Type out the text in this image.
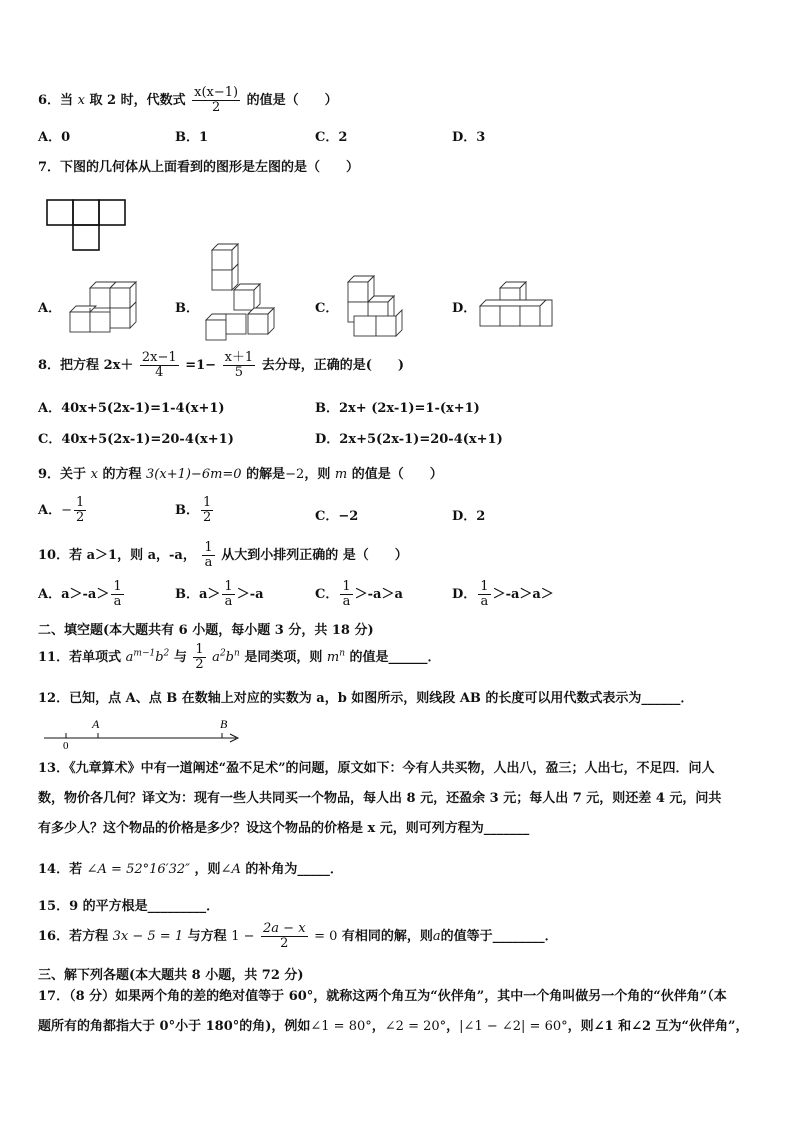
6．当 x 取 2 时，代数式 $\frac{x(x-1)}{2}$ 的值是（　　）
A．0	B．1	C．2	D．3
7．下图的几何体从上面看到的图形是左图的是（　　）
A．	B．	C．	D．
8．把方程 $2x+ \frac{2x-1}{4} =1- \frac{x+1}{5}$ 去分母，正确的是(　　)
A．40x+5(2x-1)=1-4(x+1)	B．2x+ (2x-1)=1-(x+1)
C．40x+5(2x-1)=20-4(x+1)	D．2x+5(2x-1)=20-4(x+1)
9．关于 x 的方程 3(x+1)−6m=0 的解是−2，则 m 的值是（　　）
A．− $\frac{1}{2}$	B． $\frac{1}{2}$	C．−2	D．2
10．若 a＞1，则 a，-a， $\frac{1}{a}$ 从大到小排列正确的 是（　　）
A．$a>-a> \frac{1}{a}$	B．$a> \frac{1}{a} >-a$	C． $\frac{1}{a} >-a>a$	D． $\frac{1}{a} >-a>a>$
二、填空题(本大题共有 6 小题，每小题 3 分，共 18 分)
11．若单项式 $a^{m-1}b^2$ 与 $\frac{1}{2} a^2b^n$ 是同类项，则 $m^n$ 的值是______．
12．已知，点 A、点 B 在数轴上对应的实数为 a，b 如图所示，则线段 AB 的长度可以用代数式表示为______．
A	B
0
13．《九章算术》中有一道阐述“盈不足术”的问题，原文如下：今有人共买物，人出八，盈三；人出七，不足四．问人
数，物价各几何？译文为：现有一些人共同买一个物品，每人出 8 元，还盈余 3 元；每人出 7 元，则还差 4 元，问共
有多少人？这个物品的价格是多少？设这个物品的价格是 x 元，则可列方程为_______
14．若 ∠A = 52°16′32″ ，则∠A 的补角为_____．
15．9 的平方根是_________．
16．若方程 3x − 5 = 1 与方程 $1 - \frac{2a - x}{2} = 0$ 有相同的解，则a的值等于________．
三、解下列各题(本大题共 8 小题，共 72 分)
17．（8 分）如果两个角的差的绝对值等于 60°，就称这两个角互为“伙伴角”，其中一个角叫做另一个角的“伙伴角”（本
题所有的角都指大于 0°小于 180°的角)，例如∠1 = 80°，∠2 = 20°，|∠1 − ∠2| = 60°，则∠1 和∠2 互为“伙伴角”，
